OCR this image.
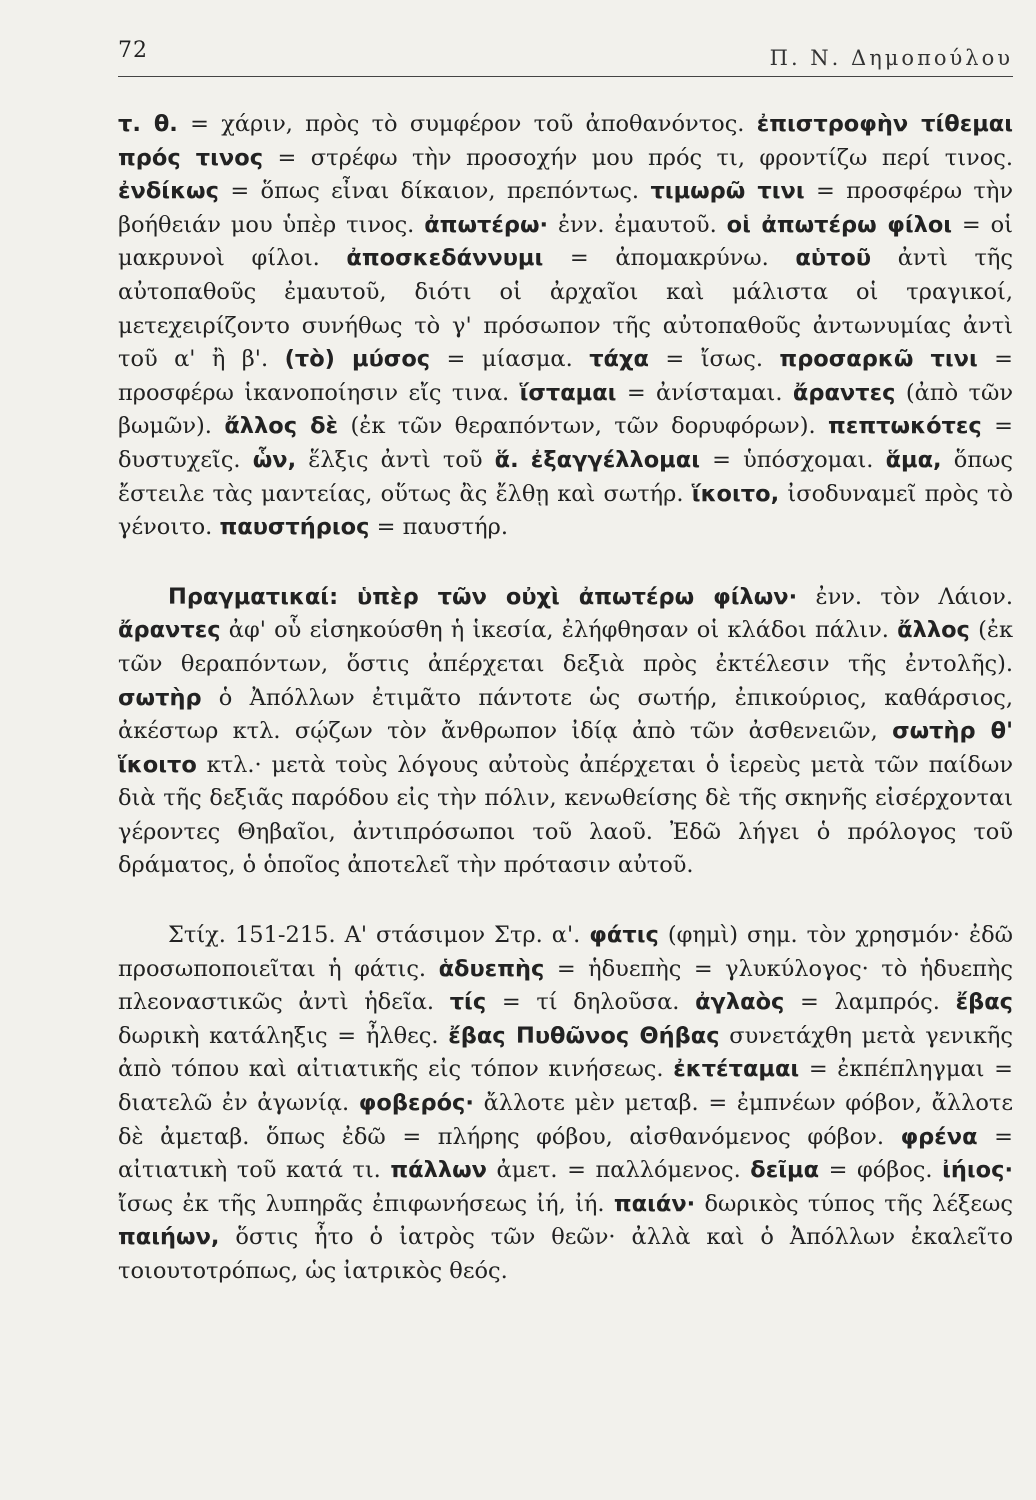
72	Π. Ν. Δημοπούλου

τ. θ. = χάριν, πρὸς τὸ συμφέρον τοῦ ἀποθανόντος. ἐπιστροφὴν τίθεμαι πρός τινος = στρέφω τὴν προσοχήν μου πρός τι, φροντίζω περί τινος. ἐνδίκως = ὅπως εἶναι δίκαιον, πρεπόντως. τιμωρῶ τινι = προσφέρω τὴν βοήθειάν μου ὑπὲρ τινος. ἀπωτέρω· ἐνν. ἐμαυτοῦ. οἱ ἀπωτέρω φίλοι = οἱ μακρυνοὶ φίλοι. ἀποσκεδάννυμι = ἀπομακρύνω. αὑτοῦ ἀντὶ τῆς αὐτοπαθοῦς ἐμαυτοῦ, διότι οἱ ἀρχαῖοι καὶ μάλιστα οἱ τραγικοί, μετεχειρίζοντο συνήθως τὸ γ' πρόσωπον τῆς αὐτοπαθοῦς ἀντωνυμίας ἀντὶ τοῦ α' ἢ β'. (τὸ) μύσος = μίασμα. τάχα = ἴσως. προσαρκῶ τινι = προσφέρω ἱκανοποίησιν εἴς τινα. ἵσταμαι = ἀνίσταμαι. ἄραντες (ἀπὸ τῶν βωμῶν). ἄλλος δὲ (ἐκ τῶν θεραπόντων, τῶν δορυφόρων). πεπτωκότες = δυστυχεῖς. ὧν, ἕλξις ἀντὶ τοῦ ἅ. ἐξαγγέλλομαι = ὑπόσχομαι. ἅμα, ὅπως ἔστειλε τὰς μαντείας, οὕτως ἂς ἔλθῃ καὶ σωτήρ. ἵκοιτο, ἰσοδυναμεῖ πρὸς τὸ γένοιτο. παυστήριος = παυστήρ.

Πραγματικαί: ὑπὲρ τῶν οὐχὶ ἀπωτέρω φίλων· ἐνν. τὸν Λάιον. ἄραντες ἀφ' οὗ εἰσηκούσθη ἡ ἱκεσία, ἐλήφθησαν οἱ κλάδοι πάλιν. ἄλλος (ἐκ τῶν θεραπόντων, ὅστις ἀπέρχεται δεξιὰ πρὸς ἐκτέλεσιν τῆς ἐντολῆς). σωτὴρ ὁ Ἀπόλλων ἐτιμᾶτο πάντοτε ὡς σωτήρ, ἐπικούριος, καθάρσιος, ἀκέστωρ κτλ. σῴζων τὸν ἄνθρωπον ἰδίᾳ ἀπὸ τῶν ἀσθενειῶν, σωτὴρ θ' ἵκοιτο κτλ.· μετὰ τοὺς λόγους αὐτοὺς ἀπέρχεται ὁ ἱερεὺς μετὰ τῶν παίδων διὰ τῆς δεξιᾶς παρόδου εἰς τὴν πόλιν, κενωθείσης δὲ τῆς σκηνῆς εἰσέρχονται γέροντες Θηβαῖοι, ἀντιπρόσωποι τοῦ λαοῦ. Ἐδῶ λήγει ὁ πρόλογος τοῦ δράματος, ὁ ὁποῖος ἀποτελεῖ τὴν πρότασιν αὐτοῦ.

Στίχ. 151-215. Α' στάσιμον Στρ. α'. φάτις (φημὶ) σημ. τὸν χρησμόν· ἐδῶ προσωποποιεῖται ἡ φάτις. ἁδυεπὴς = ἡδυεπὴς = γλυκύλογος· τὸ ἡδυεπὴς πλεοναστικῶς ἀντὶ ἡδεῖα. τίς = τί δηλοῦσα. ἀγλαὸς = λαμπρός. ἔβας δωρικὴ κατάληξις = ἦλθες. ἔβας Πυθῶνος Θήβας συνετάχθη μετὰ γενικῆς ἀπὸ τόπου καὶ αἰτιατικῆς εἰς τόπον κινήσεως. ἐκτέταμαι = ἐκπέπληγμαι = διατελῶ ἐν ἀγωνίᾳ. φοβερός· ἄλλοτε μὲν μεταβ. = ἐμπνέων φόβον, ἄλλοτε δὲ ἀμεταβ. ὅπως ἐδῶ = πλήρης φόβου, αἰσθανόμενος φόβον. φρένα = αἰτιατικὴ τοῦ κατά τι. πάλλων ἀμετ. = παλλόμενος. δεῖμα = φόβος. ἰήιος· ἴσως ἐκ τῆς λυπηρᾶς ἐπιφωνήσεως ἰή, ἰή. παιάν· δωρικὸς τύπος τῆς λέξεως παιήων, ὅστις ἦτο ὁ ἰατρὸς τῶν θεῶν· ἀλλὰ καὶ ὁ Ἀπόλλων ἐκαλεῖτο τοιουτοτρόπως, ὡς ἰατρικὸς θεός.
